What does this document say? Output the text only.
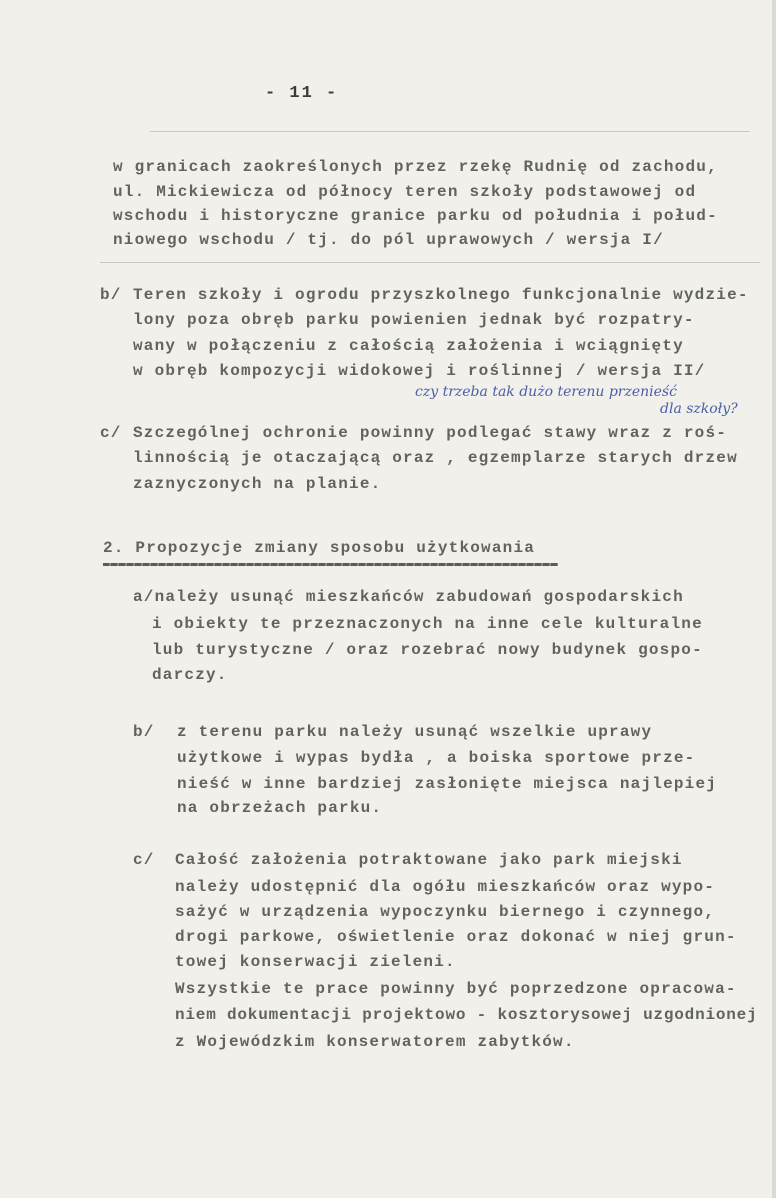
- 11 -
w granicach zaokreślonych przez rzekę Rudnię od zachodu,
ul. Mickiewicza od północy teren szkoły podstawowej od
wschodu i historyczne granice parku od południa i połud-
niowego wschodu / tj. do pól uprawowych / wersja I/
b/ Teren szkoły i ogrodu przyszkolnego funkcjonalnie wydzie-
lony poza obręb parku powienien jednak być rozpatry-
wany w połączeniu z całością założenia i wciągnięty
w obręb kompozycji widokowej i roślinnej / wersja II/
czy trzeba tak dużo terenu przenieść
dla szkoły?
c/ Szczególnej ochronie powinny podlegać stawy wraz z roś-
linnością je otaczającą oraz , egzemplarze starych drzew
zaznyczonych na planie.
2. Propozycje zmiany sposobu użytkowania
a/należy usunąć mieszkańców zabudowań gospodarskich
i obiekty te przeznaczonych na inne cele kulturalne
lub turystyczne / oraz rozebrać nowy budynek gospo-
darczy.
b/ z terenu parku należy usunąć wszelkie uprawy
użytkowe i wypas bydła , a boiska sportowe prze-
nieść w inne bardziej zasłonięte miejsca najlepiej
na obrzeżach parku.
c/ Całość założenia potraktowane jako park miejski
należy udostępnić dla ogółu mieszkańców oraz wypo-
sażyć w urządzenia wypoczynku biernego i czynnego,
drogi parkowe, oświetlenie oraz dokonać w niej grun-
towej konserwacji zieleni.
Wszystkie te prace powinny być poprzedzone opracowa-
niem dokumentacji projektowo - kosztorysowej uzgodnionej
z Wojewódzkim konserwatorem zabytków.
